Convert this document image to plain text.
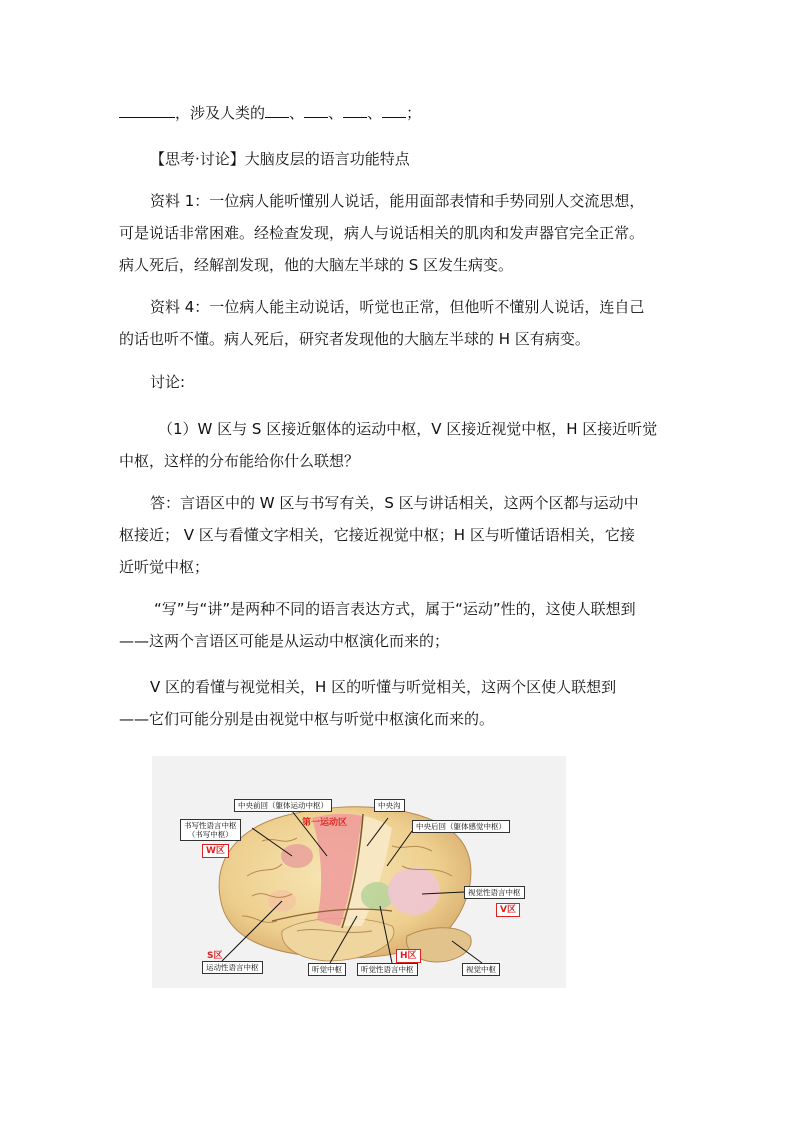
，涉及人类的 、 、 、 ；
【思考·讨论】大脑皮层的语言功能特点
资料 1：一位病人能听懂别人说话，能用面部表情和手势同别人交流思想，
可是说话非常困难。经检查发现，病人与说话相关的肌肉和发声器官完全正常。
病人死后，经解剖发现，他的大脑左半球的 S 区发生病变。
资料 4：一位病人能主动说话，听觉也正常，但他听不懂别人说话，连自己
的话也听不懂。病人死后，研究者发现他的大脑左半球的 H 区有病变。
讨论:
（1）W 区与 S 区接近躯体的运动中枢，V 区接近视觉中枢，H 区接近听觉
中枢，这样的分布能给你什么联想？
答：言语区中的 W 区与书写有关，S 区与讲话相关，这两个区都与运动中
枢接近； V 区与看懂文字相关，它接近视觉中枢；H 区与听懂话语相关，它接
近听觉中枢；
“写”与“讲”是两种不同的语言表达方式，属于“运动”性的，这使人联想到
——这两个言语区可能是从运动中枢演化而来的；
V 区的看懂与视觉相关，H 区的听懂与听觉相关，这两个区使人联想到
——它们可能分别是由视觉中枢与听觉中枢演化而来的。
中央前回（躯体运动中枢）
第一运动区
中央沟
书写性语言中枢
（书写中枢）
W区
中央后回（躯体感觉中枢）
视觉性语言中枢
V区
S区
运动性语言中枢	听觉中枢
H区
听觉性语言中枢	视觉中枢
